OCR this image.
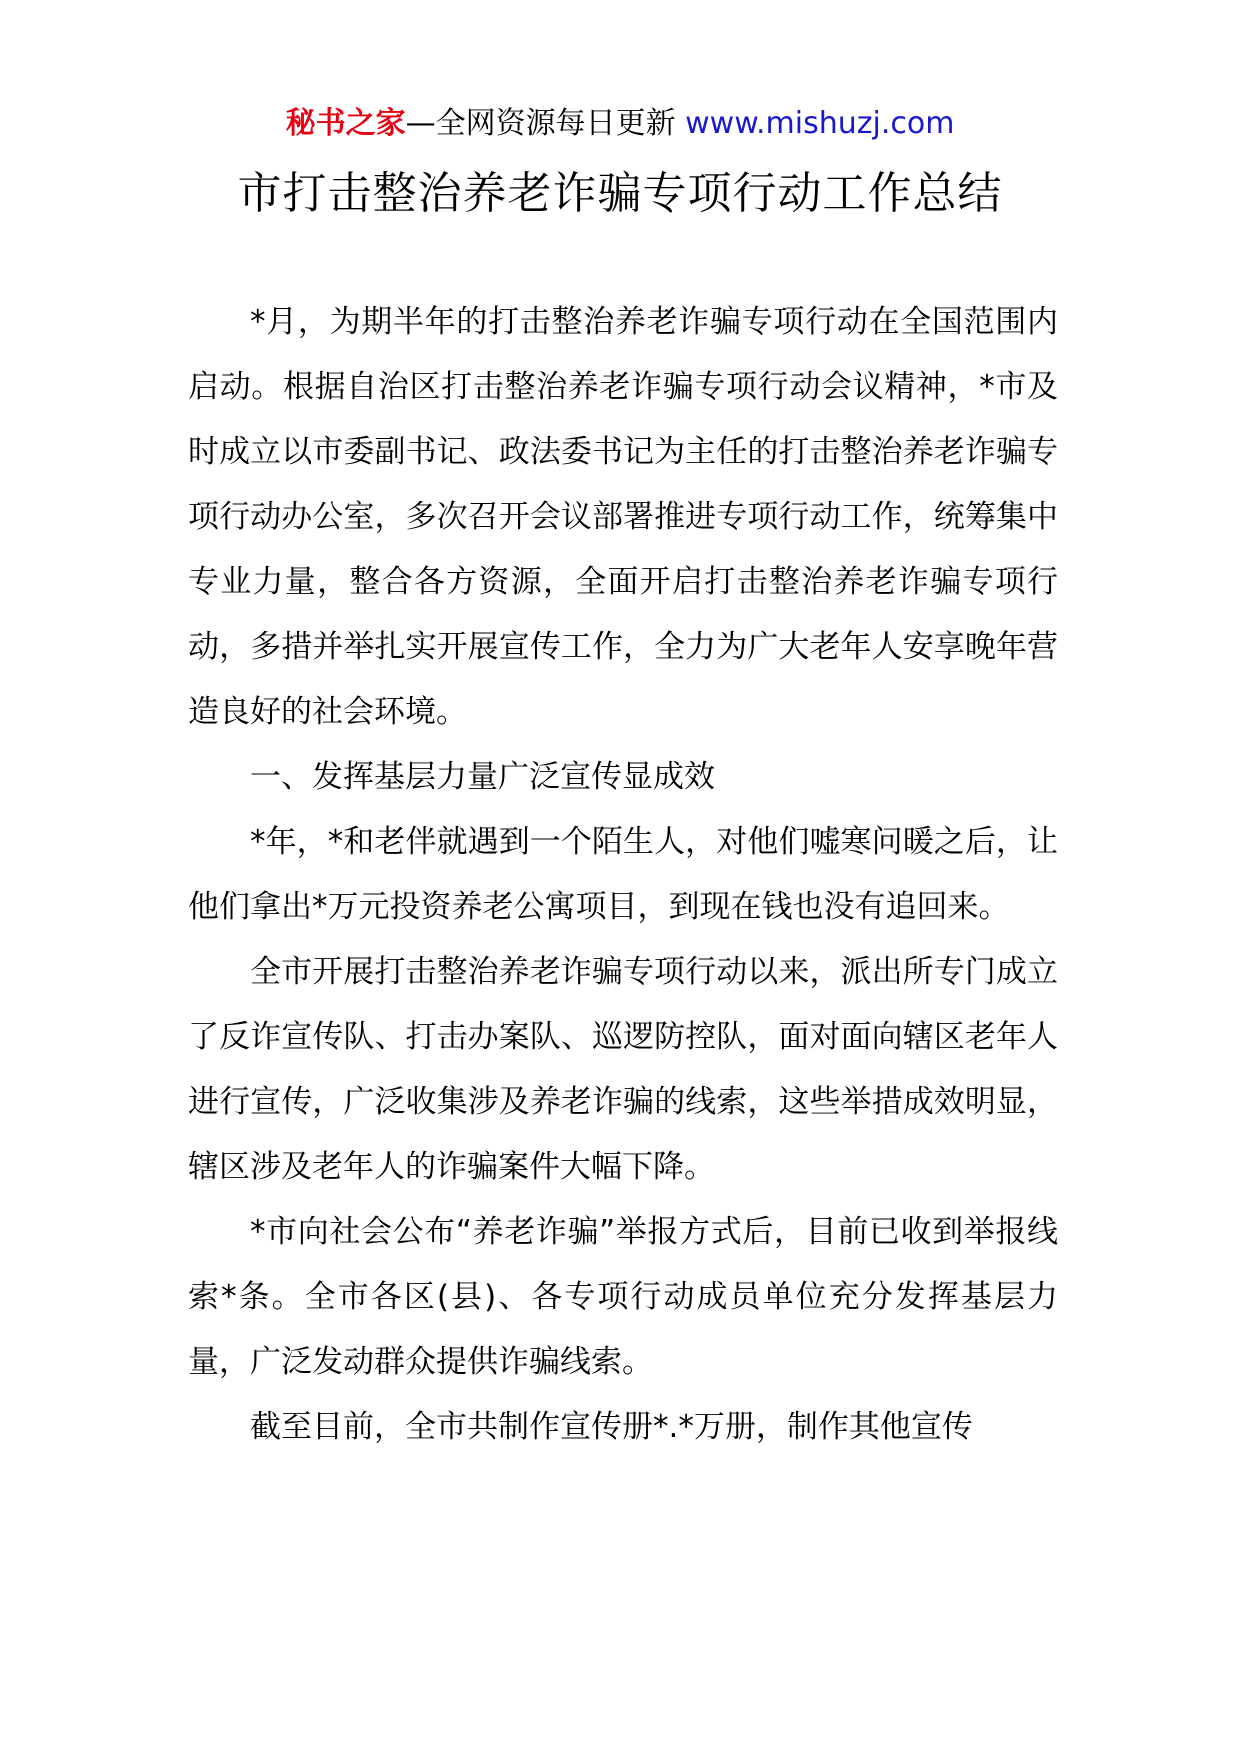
秘书之家—全网资源每日更新 www.mishuzj.com
市打击整治养老诈骗专项行动工作总结

*月，为期半年的打击整治养老诈骗专项行动在全国范围内启动。根据自治区打击整治养老诈骗专项行动会议精神，*市及时成立以市委副书记、政法委书记为主任的打击整治养老诈骗专项行动办公室，多次召开会议部署推进专项行动工作，统筹集中专业力量，整合各方资源，全面开启打击整治养老诈骗专项行动，多措并举扎实开展宣传工作，全力为广大老年人安享晚年营造良好的社会环境。

一、发挥基层力量广泛宣传显成效

*年，*和老伴就遇到一个陌生人，对他们嘘寒问暖之后，让他们拿出*万元投资养老公寓项目，到现在钱也没有追回来。

全市开展打击整治养老诈骗专项行动以来，派出所专门成立了反诈宣传队、打击办案队、巡逻防控队，面对面向辖区老年人进行宣传，广泛收集涉及养老诈骗的线索，这些举措成效明显，辖区涉及老年人的诈骗案件大幅下降。

*市向社会公布“养老诈骗”举报方式后，目前已收到举报线索*条。全市各区(县)、各专项行动成员单位充分发挥基层力量，广泛发动群众提供诈骗线索。

截至目前，全市共制作宣传册*.*万册，制作其他宣传
